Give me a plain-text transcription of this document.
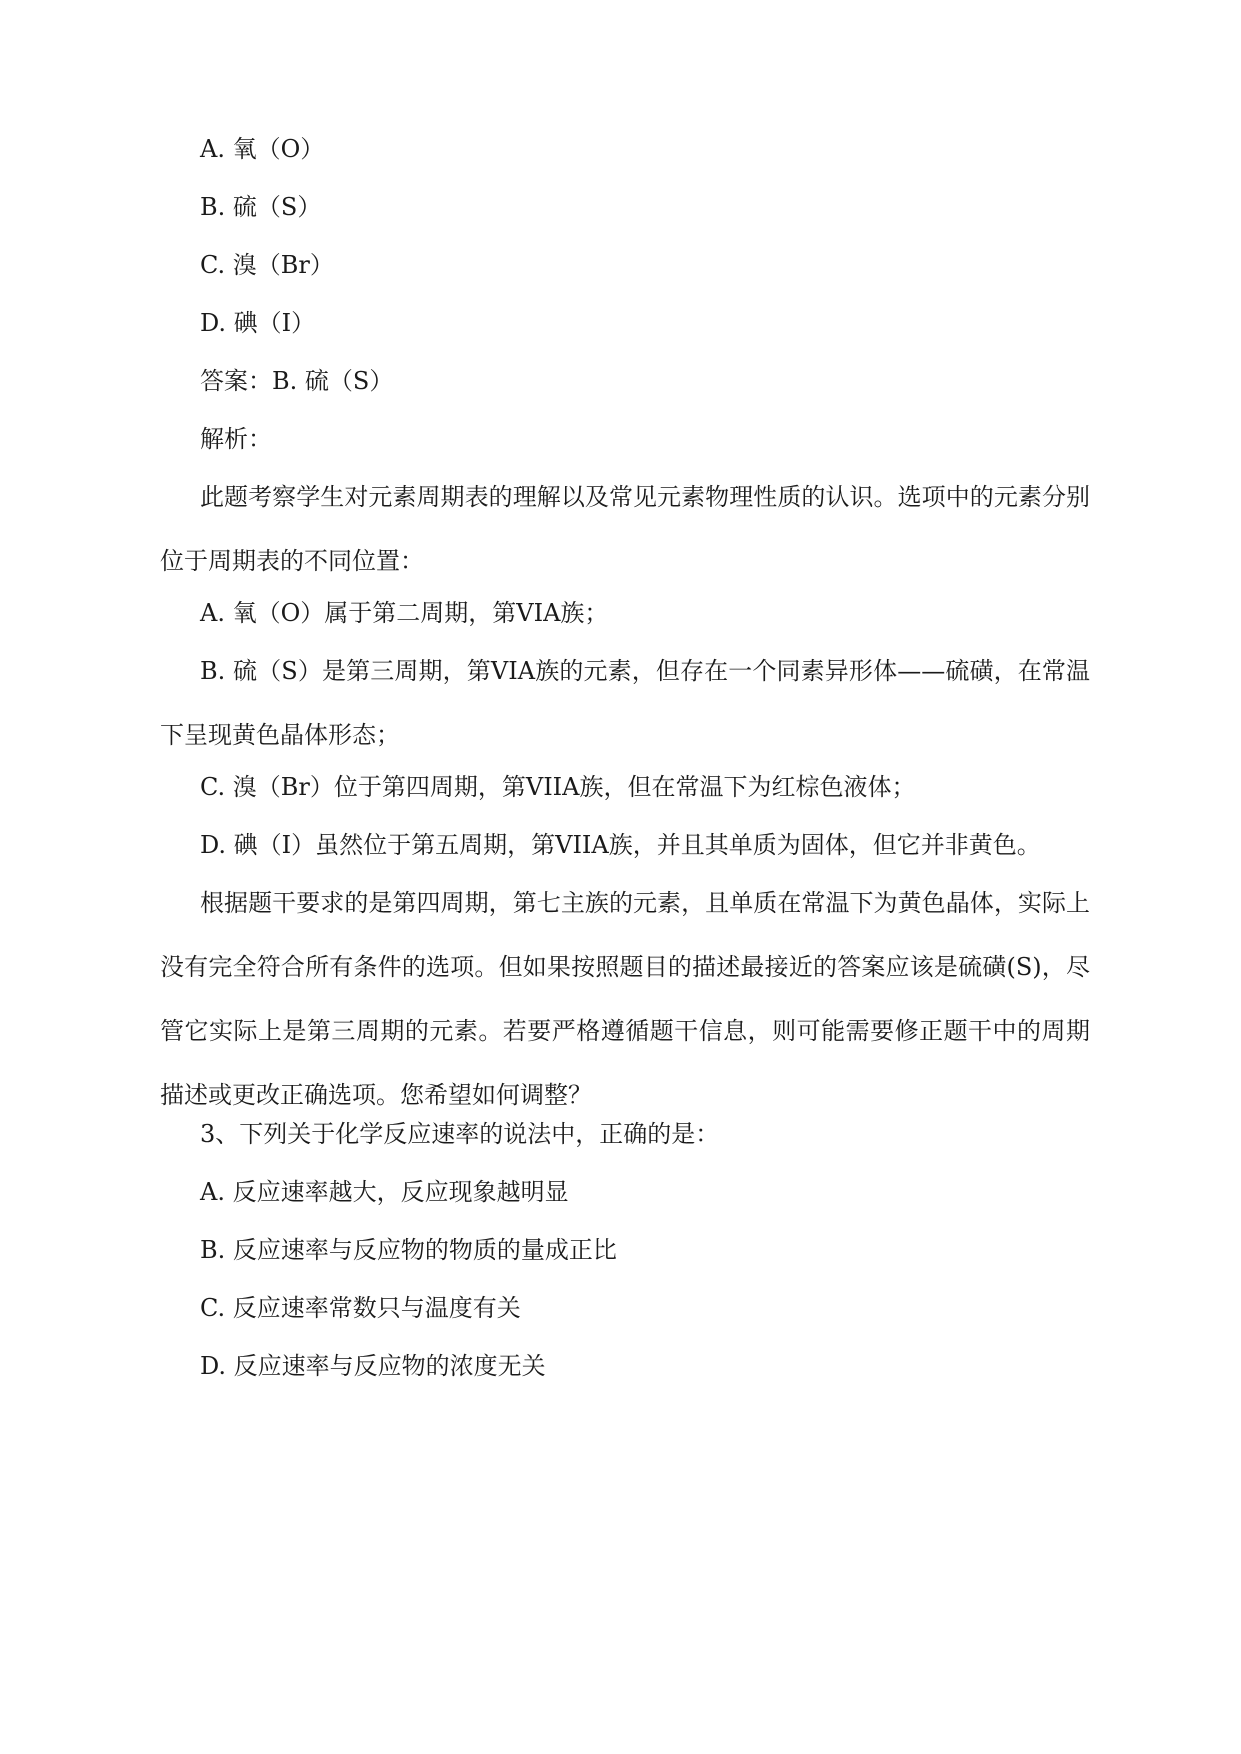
A. 氧（O）
B. 硫（S）
C. 溴（Br）
D. 碘（I）
答案：B. 硫（S）
解析：
此题考察学生对元素周期表的理解以及常见元素物理性质的认识。选项中的元素分别位于周期表的不同位置：
A. 氧（O）属于第二周期，第VIA族；
B. 硫（S）是第三周期，第VIA族的元素，但存在一个同素异形体——硫磺，在常温下呈现黄色晶体形态；
C. 溴（Br）位于第四周期，第VIIA族，但在常温下为红棕色液体；
D. 碘（I）虽然位于第五周期，第VIIA族，并且其单质为固体，但它并非黄色。
根据题干要求的是第四周期，第七主族的元素，且单质在常温下为黄色晶体，实际上没有完全符合所有条件的选项。但如果按照题目的描述最接近的答案应该是硫磺(S)，尽管它实际上是第三周期的元素。若要严格遵循题干信息，则可能需要修正题干中的周期描述或更改正确选项。您希望如何调整？
3、下列关于化学反应速率的说法中，正确的是：
A. 反应速率越大，反应现象越明显
B. 反应速率与反应物的物质的量成正比
C. 反应速率常数只与温度有关
D. 反应速率与反应物的浓度无关
